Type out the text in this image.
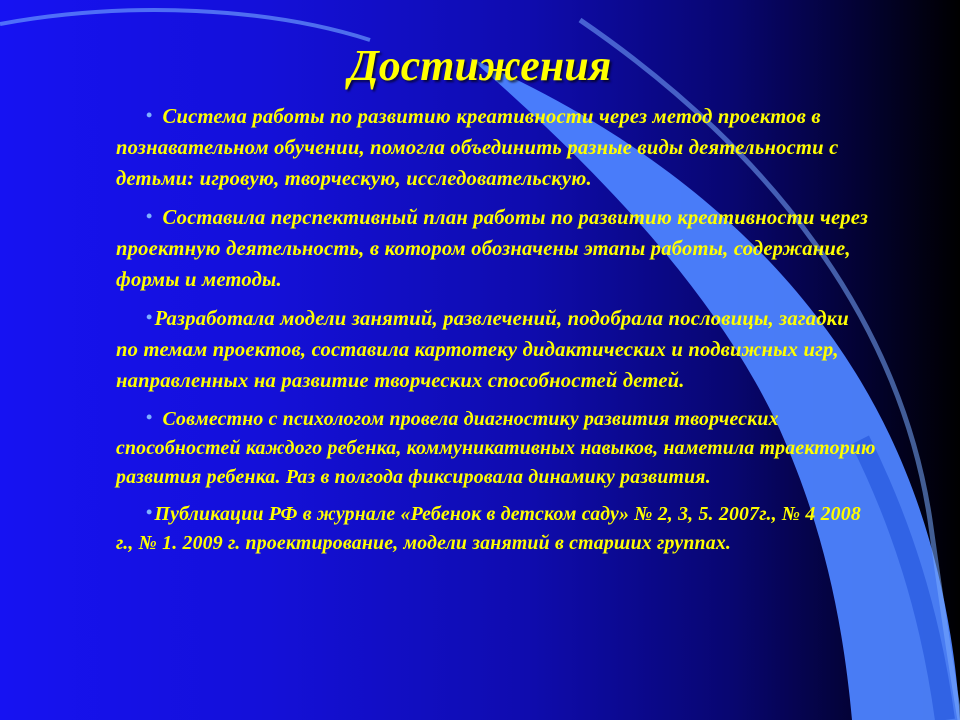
Достижения

• Система работы по развитию креативности через метод проектов в познавательном обучении, помогла объединить разные виды деятельности с детьми: игровую, творческую, исследовательскую.

• Составила перспективный план работы по развитию креативности через проектную деятельность, в котором обозначены этапы работы, содержание, формы и методы.

•Разработала модели занятий, развлечений, подобрала пословицы, загадки по темам проектов, составила картотеку дидактических и подвижных игр, направленных на развитие творческих способностей детей.

• Совместно с психологом провела диагностику развития творческих способностей каждого ребенка, коммуникативных навыков, наметила траекторию развития ребенка. Раз в полгода фиксировала динамику развития.

• Публикации РФ в журнале «Ребенок в детском саду» № 2, 3, 5. 2007г., № 4 2008 г., № 1. 2009 г. проектирование, модели занятий в старших группах.
